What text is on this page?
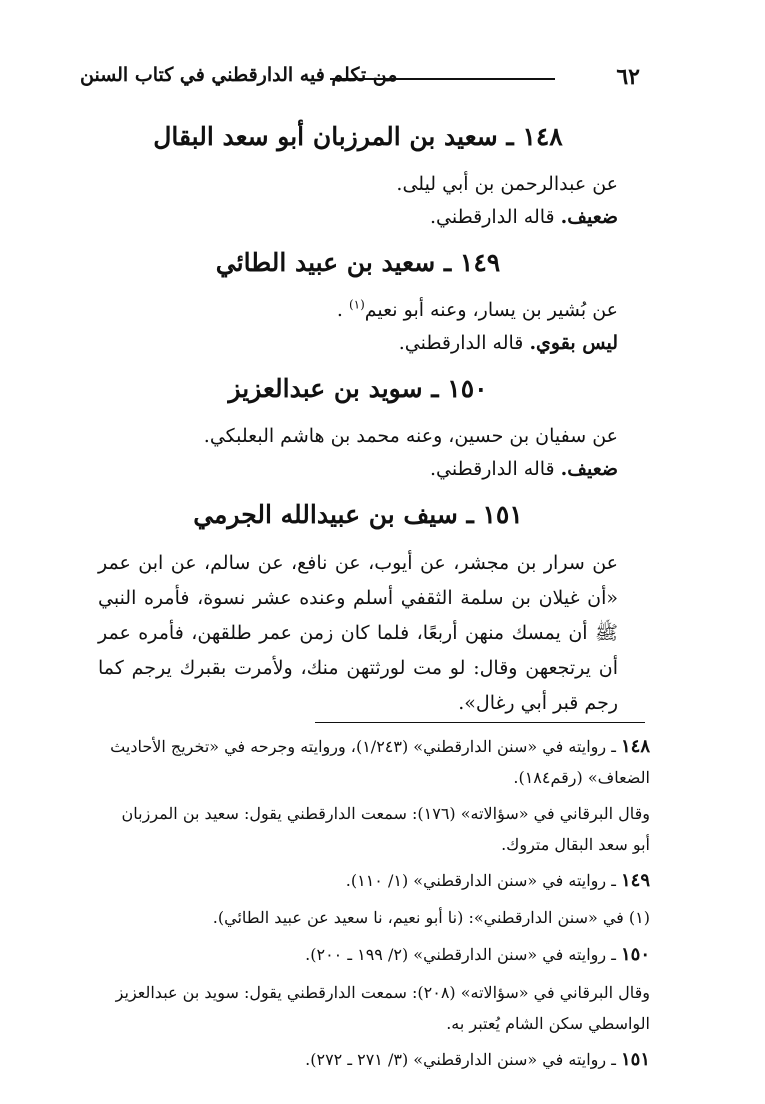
٦٢
من تكلم فيه الدارقطني في كتاب السنن
١٤٨ ـ سعيد بن المرزبان أبو سعد البقال
عن عبدالرحمن بن أبي ليلى.
ضعيف. قاله الدارقطني.
١٤٩ ـ سعيد بن عبيد الطائي
عن بُشير بن يسار، وعنه أبو نعيم$^{(١)}$ .
ليس بقوي. قاله الدارقطني.
١٥٠ ـ سويد بن عبدالعزيز
عن سفيان بن حسين، وعنه محمد بن هاشم البعلبكي.
ضعيف. قاله الدارقطني.
١٥١ ـ سيف بن عبيدالله الجرمي
عن سرار بن مجشر، عن أيوب، عن نافع، عن سالم، عن ابن عمر «أن غيلان بن سلمة الثقفي أسلم وعنده عشر نسوة، فأمره النبي ﷺ أن يمسك منهن أربعًا، فلما كان زمن عمر طلقهن، فأمره عمر أن يرتجعهن وقال: لو مت لورثتهن منك، ولأمرت بقبرك يرجم كما رجم قبر أبي رغال».

١٤٨ ـ روايته في «سنن الدارقطني» (١/٢٤٣)، وروايته وجرحه في «تخريج الأحاديث الضعاف» (رقم١٨٤).

وقال البرقاني في «سؤالاته» (١٧٦): سمعت الدارقطني يقول: سعيد بن المرزبان أبو سعد البقال متروك.

١٤٩ ـ روايته في «سنن الدارقطني» (١/ ١١٠).

(١) في «سنن الدارقطني»: (نا أبو نعيم، نا سعيد عن عبيد الطائي).

١٥٠ ـ روايته في «سنن الدارقطني» (٢/ ١٩٩ ـ ٢٠٠).

وقال البرقاني في «سؤالاته» (٢٠٨): سمعت الدارقطني يقول: سويد بن عبدالعزيز الواسطي سكن الشام يُعتبر به.

١٥١ ـ روايته في «سنن الدارقطني» (٣/ ٢٧١ ـ ٢٧٢).
